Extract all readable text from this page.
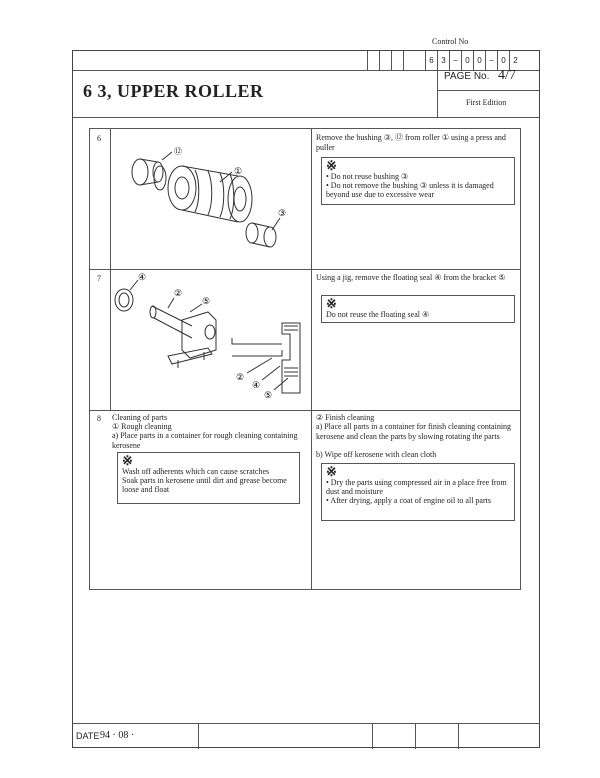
Control No
6 3 − 0 0 − 0 2
6 3, UPPER ROLLER
PAGE No. 4/7
First Edition
6	Remove the bushing ③, ⑫ from roller ① using a press and puller
※
• Do not reuse bushing ③
• Do not remove the bushing ③ unless it is damaged beyond use due to excessive wear
⑫
①
③
7	Using a jig, remove the floating seal ④ from the bracket ⑤
※
Do not reuse the floating seal ④
④
②
⑤
②
④
⑤
8 Cleaning of parts
① Rough cleaning
a) Place parts in a container for rough cleaning containing kerosene
※
Wash off adherents which can cause scratches
Soak parts in kerosene until dirt and grease become loose and float
② Finish cleaning
a) Place all parts in a container for finish cleaning containing kerosene and clean the parts by slowing rotating the parts
b) Wipe off kerosene with clean cloth
※
• Dry the parts using compressed air in a place free from dust and moisture
• After drying, apply a coat of engine oil to all parts
DATE 94 · 08 ·
